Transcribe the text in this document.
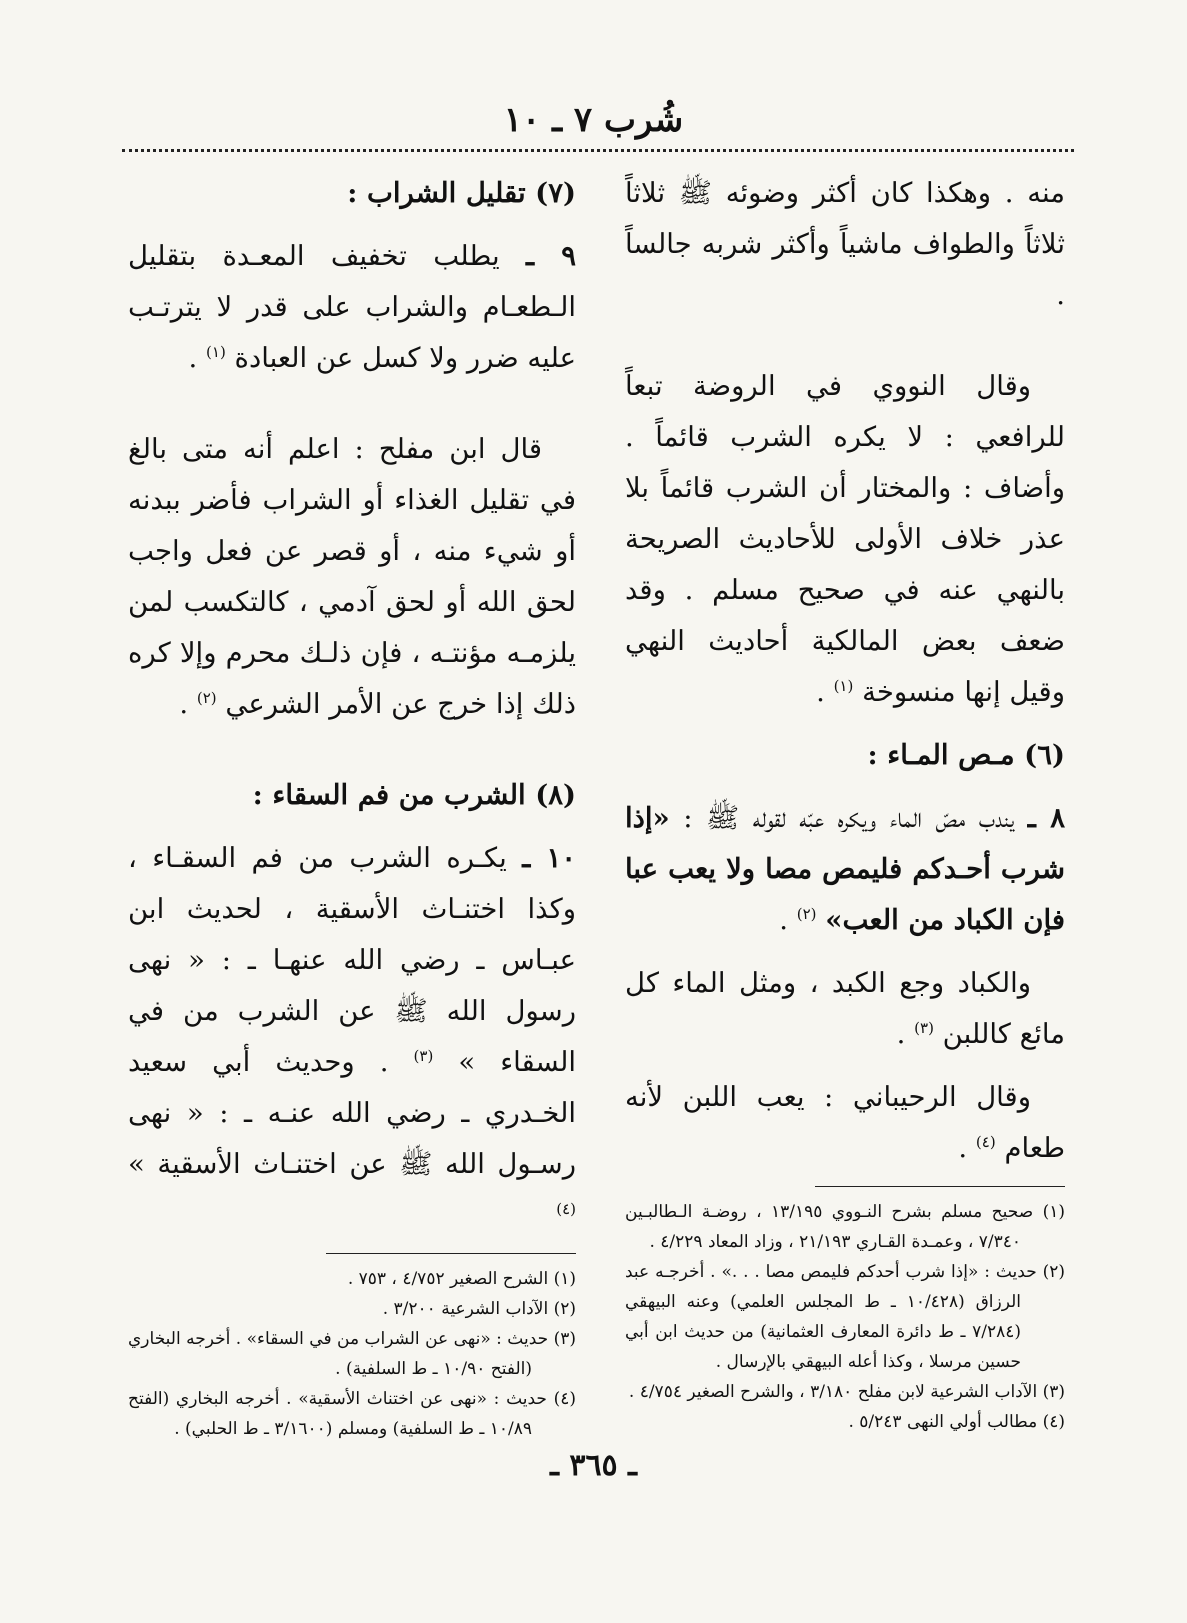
شُرب ٧ ـ ١٠

منه . وهكذا كان أكثر وضوئه ﷺ ثلاثاً ثلاثاً والطواف ماشياً وأكثر شربه جالساً .

وقال النووي في الروضة تبعاً للرافعي : لا يكره الشرب قائماً . وأضاف : والمختار أن الشرب قائماً بلا عذر خلاف الأولى للأحاديث الصريحة بالنهي عنه في صحيح مسلم . وقد ضعف بعض المالكية أحاديث النهي وقيل إنها منسوخة $^{(١)}$ .

(٦) مـص المـاء :

٨ ـ يندب مصّ الماء ويكره عبّه لقوله ﷺ : «إذا شرب أحـدكم فليمص مصا ولا يعب عبا فإن الكباد من العب» $^{(٢)}$ .

والكباد وجع الكبد ، ومثل الماء كل مائع كاللبن $^{(٣)}$ .

وقال الرحيباني : يعب اللبن لأنه طعام $^{(٤)}$ .

(١) صحيح مسلم بشرح النـووي ١٣/١٩٥ ، روضـة الـطالبـين ٧/٣٤٠ ، وعمـدة القـاري ٢١/١٩٣ ، وزاد المعاد ٤/٢٢٩ .

(٢) حديث : «إذا شرب أحدكم فليمص مصا . . .» . أخرجـه عبد الرزاق (١٠/٤٢٨ ـ ط المجلس العلمي) وعنه البيهقي (٧/٢٨٤ ـ ط دائرة المعارف العثمانية) من حديث ابن أبي حسين مرسلا ، وكذا أعله البيهقي بالإرسال .

(٣) الآداب الشرعية لابن مفلح ٣/١٨٠ ، والشرح الصغير ٤/٧٥٤ .

(٤) مطالب أولي النهى ٥/٢٤٣ .

(٧) تقليل الشراب :

٩ ـ يطلب تخفيف المعـدة بتقليل الـطعـام والشراب على قدر لا يترتـب عليه ضرر ولا كسل عن العبادة $^{(١)}$ .

قال ابن مفلح : اعلم أنه متى بالغ في تقليل الغذاء أو الشراب فأضر ببدنه أو شيء منه ، أو قصر عن فعل واجب لحق الله أو لحق آدمي ، كالتكسب لمن يلزمـه مؤنتـه ، فإن ذلـك محرم وإلا كره ذلك إذا خرج عن الأمر الشرعي $^{(٢)}$ .

(٨) الشرب من فم السقاء :

١٠ ـ يكـره الشرب من فم السقـاء ، وكذا اختنـاث الأسقية ، لحديث ابن عبـاس ـ رضي الله عنهـا ـ : « نهى رسول الله ﷺ عن الشرب من في السقاء » $^{(٣)}$ . وحديث أبي سعيد الخـدري ـ رضي الله عنـه ـ : « نهى رسـول الله ﷺ عن اختنـاث الأسقية » $^{(٤)}$

(١) الشرح الصغير ٤/٧٥٢ ، ٧٥٣ .

(٢) الآداب الشرعية ٣/٢٠٠ .

(٣) حديث : «نهى عن الشراب من في السقاء» . أخرجه البخاري (الفتح ١٠/٩٠ ـ ط السلفية) .

(٤) حديث : «نهى عن اختناث الأسقية» . أخرجه البخاري (الفتح ١٠/٨٩ ـ ط السلفية) ومسلم (٣/١٦٠٠ ـ ط الحلبي) .

ـ ٣٦٥ ـ
